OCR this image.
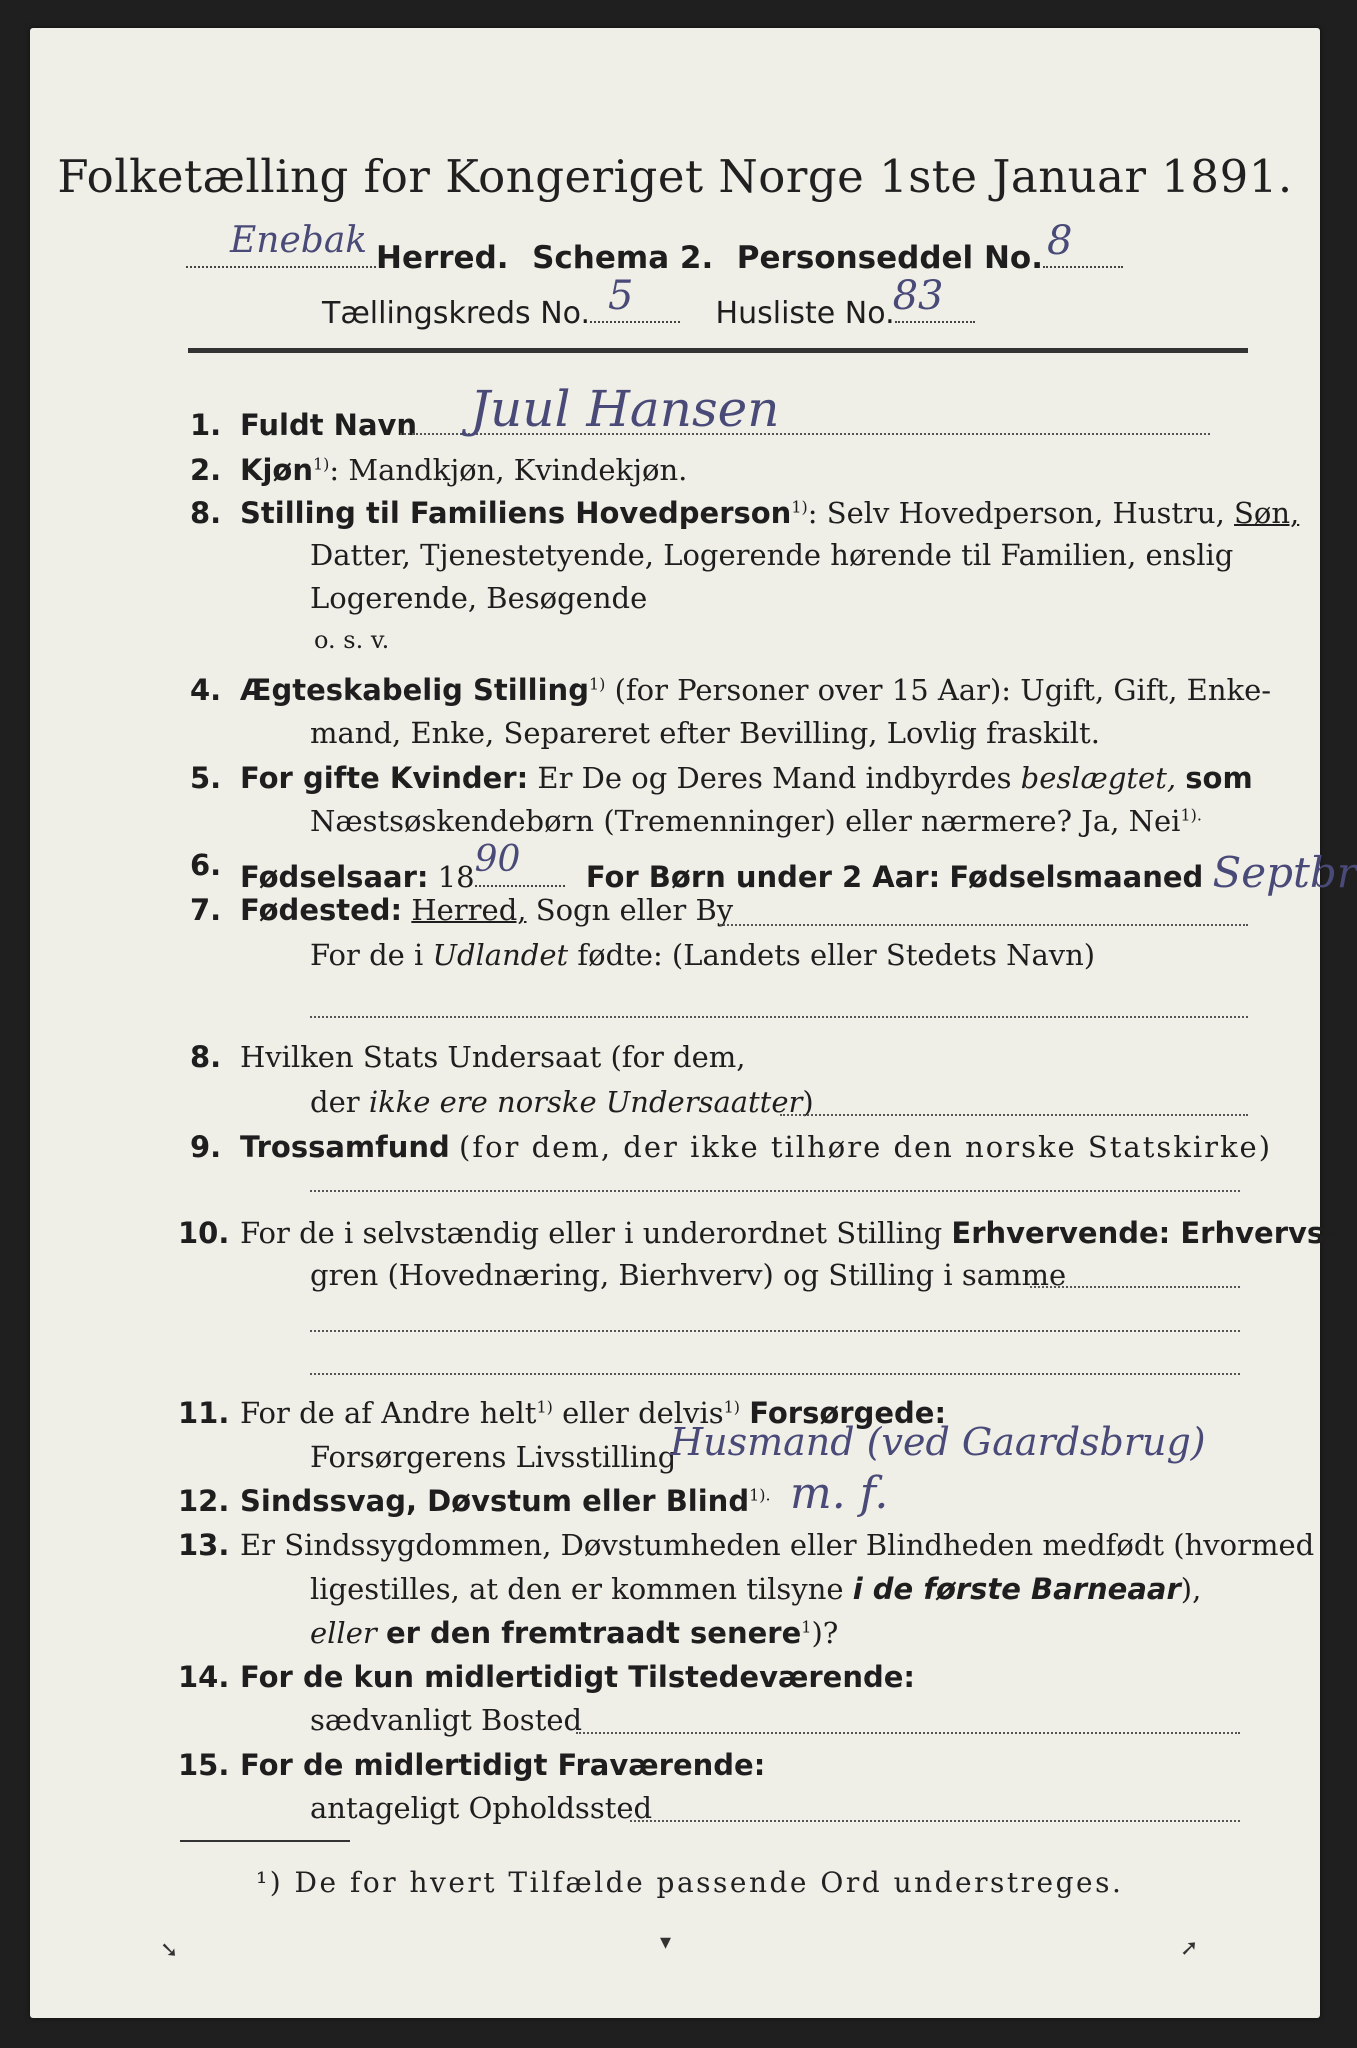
Folketælling for Kongeriget Norge 1ste Januar 1891.
Enebak Herred. Schema 2. Personseddel No. 8
Tællingskreds No. 5	Husliste No.
83
1. Fuldt Navn Juul Hansen
2. Kjøn$^{1)}$: Mandkjøn, Kvindekjøn.
8. Stilling til Familiens Hovedperson$^{1)}$: Selv Hovedperson, Hustru, Søn,
Datter, Tjenestetyende, Logerende hørende til Familien, enslig
Logerende, Besøgende
o. s. v.
4. Ægteskabelig Stilling$^{1)}$ (for Personer over 15 Aar): Ugift, Gift, Enke-
mand, Enke, Separeret efter Bevilling, Lovlig fraskilt.
5. For gifte Kvinder: Er De og Deres Mand indbyrdes beslægtet, som
Næstsøskendebørn (Tremenninger) eller nærmere? Ja, Nei$^{1).}$
6. Fødselsaar: 18 90 For Børn under 2 Aar: Fødselsmaaned Septbr
7. Fødested: Herred, Sogn eller By
For de i Udlandet fødte: (Landets eller Stedets Navn)
8. Hvilken Stats Undersaat (for dem,
der ikke ere norske Undersaatter)
9. Trossamfund (for dem, der ikke tilhøre den norske Statskirke)
10. For de i selvstændig eller i underordnet Stilling Erhvervende: Erhvervs-
gren (Hovednæring, Bierhverv) og Stilling i samme
11. For de af Andre helt$^{1)}$ eller delvis$^{1)}$ Forsørgede:
Forsørgerens Livsstilling
Husmand (ved Gaardsbrug)
12. Sindssvag, Døvstum eller Blind$^{1).}$ m. f.
13. Er Sindssygdommen, Døvstumheden eller Blindheden medfødt (hvormed
ligestilles, at den er kommen tilsyne i de første Barneaar),
eller er den fremtraadt senere$^1$)?
14. For de kun midlertidigt Tilstedeværende:
sædvanligt Bosted
15. For de midlertidigt Fraværende:
antageligt Opholdssted
¹) De for hvert Tilfælde passende Ord understreges.
➘	▾	➚
